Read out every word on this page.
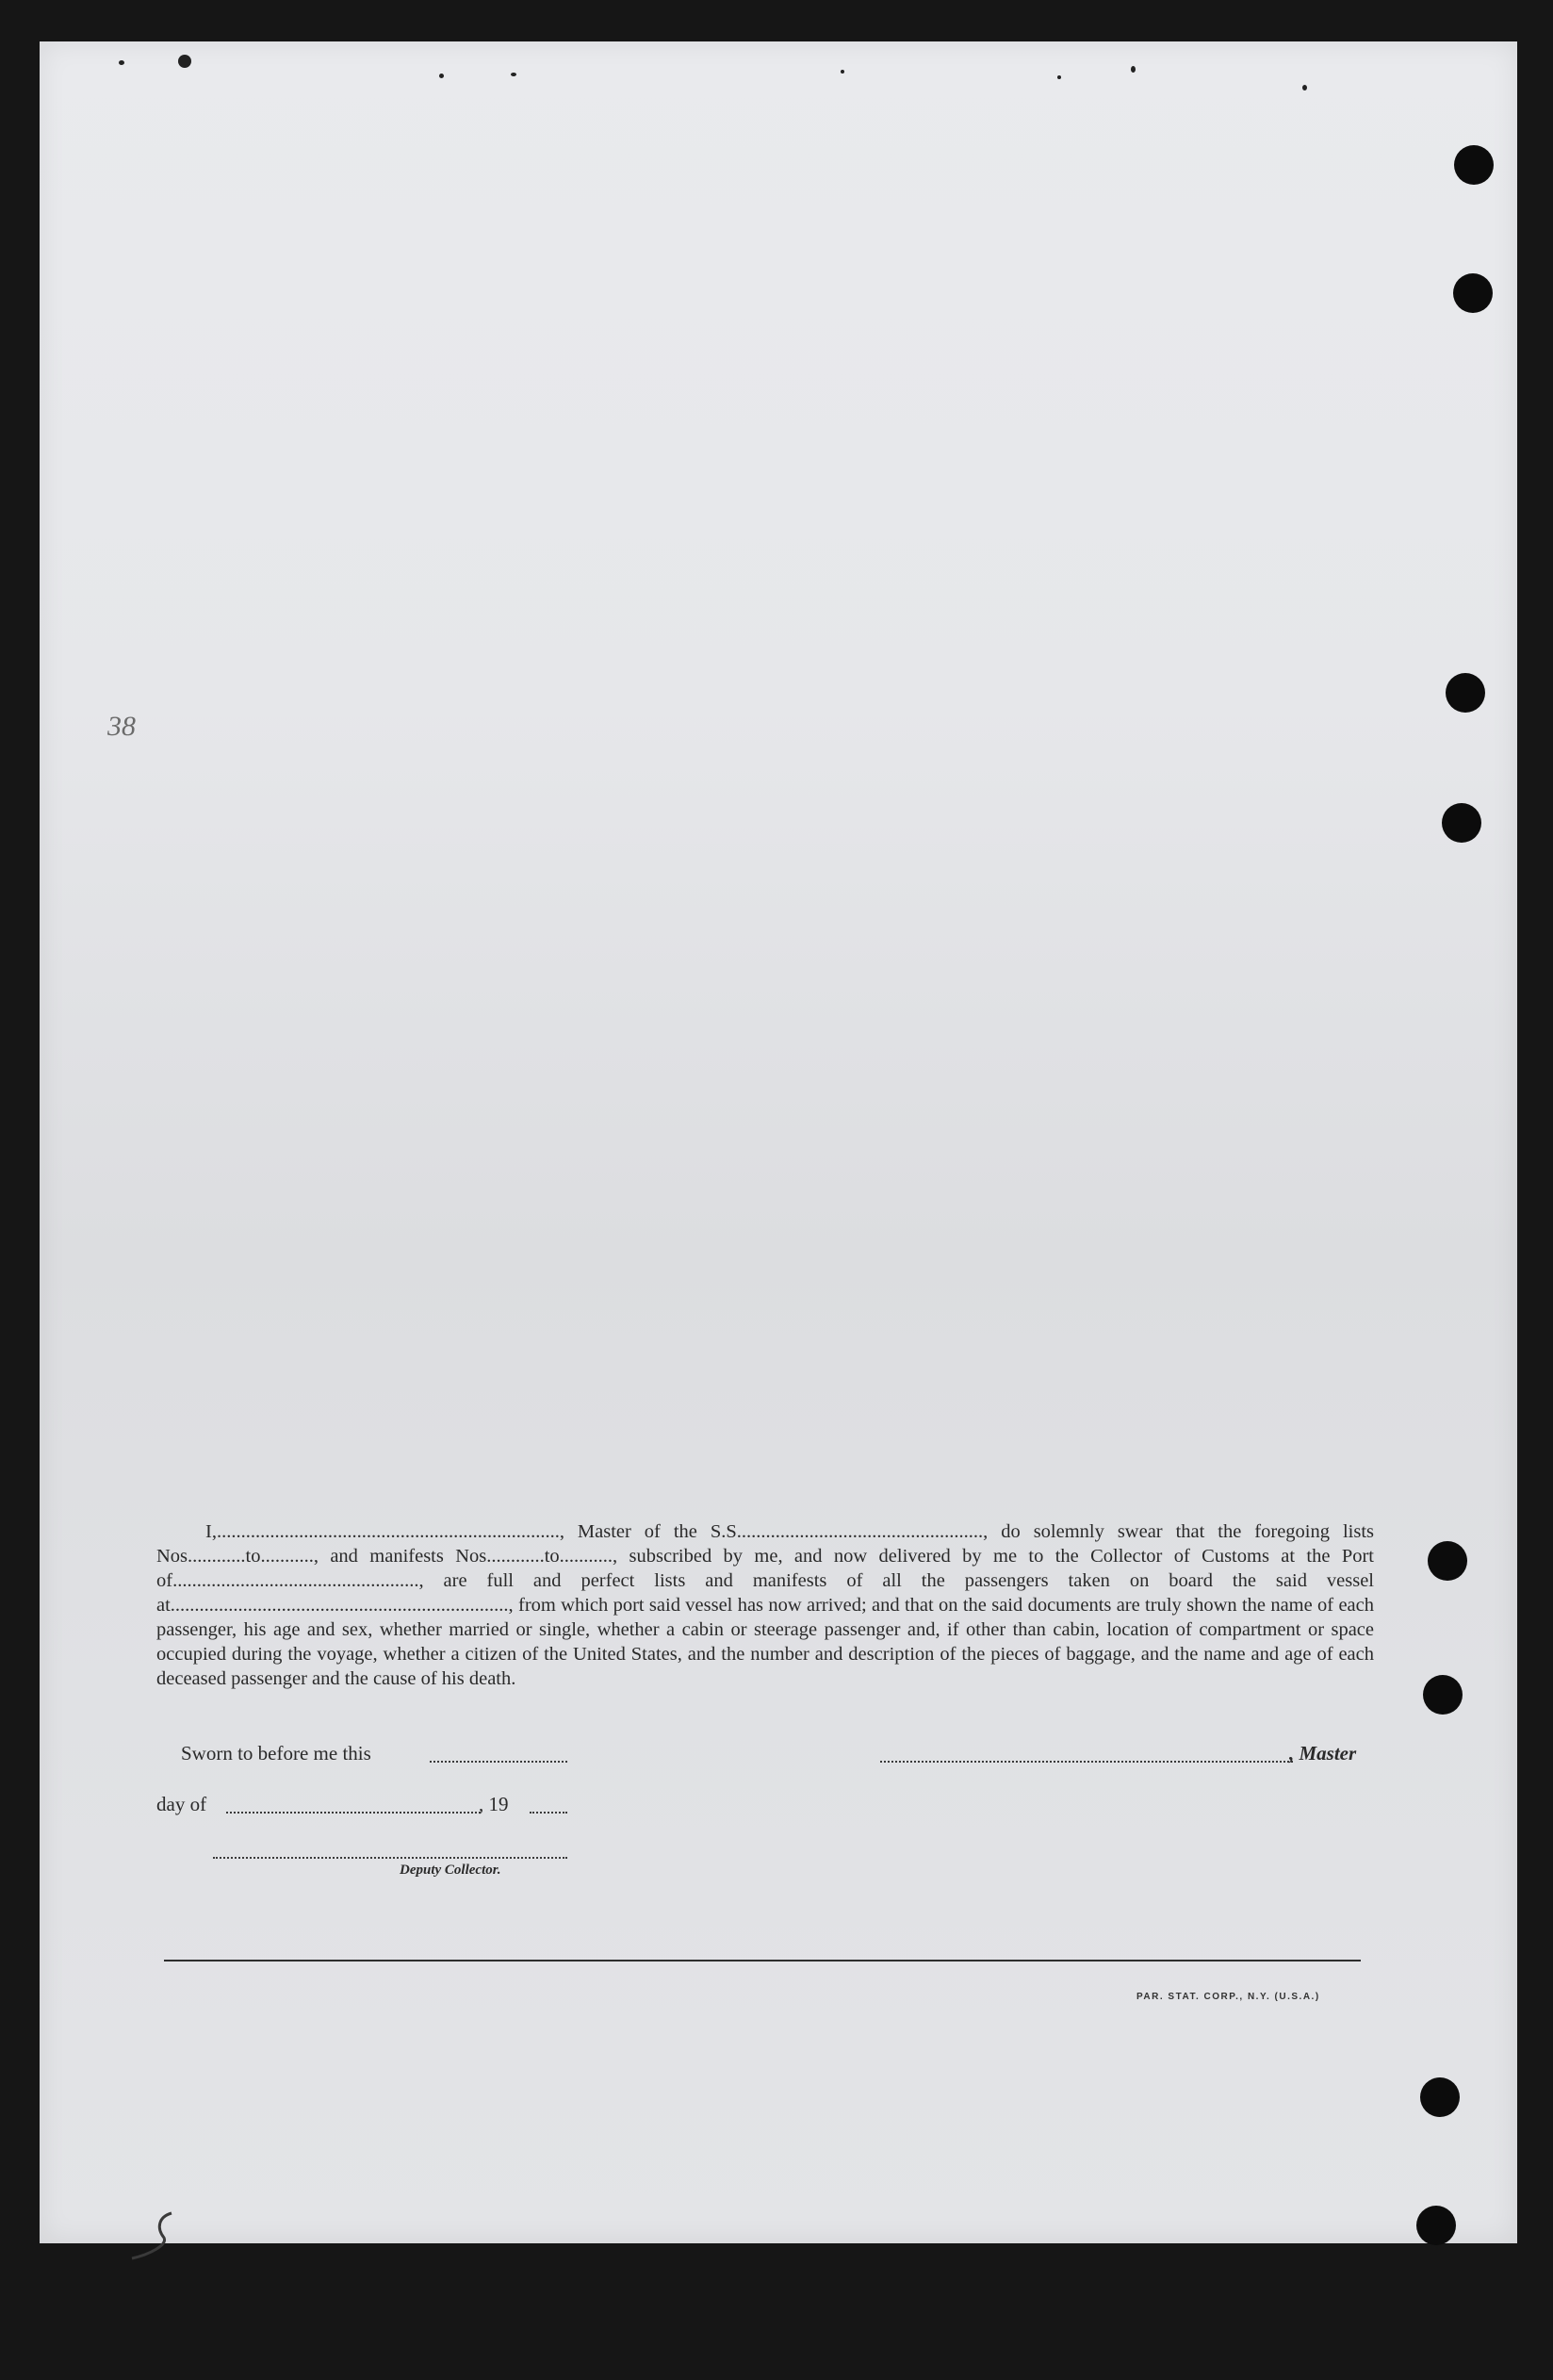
38

I,......................................................................., Master of the S.S..................................................., do solemnly swear that the foregoing lists Nos............to..........., and manifests Nos............to..........., subscribed by me, and now delivered by me to the Collector of Customs at the Port of..................................................., are full and perfect lists and manifests of all the passengers taken on board the said vessel at......................................................................, from which port said vessel has now arrived; and that on the said documents are truly shown the name of each passenger, his age and sex, whether married or single, whether a cabin or steerage passenger and, if other than cabin, location of compartment or space occupied during the voyage, whether a citizen of the United States, and the number and description of the pieces of baggage, and the name and age of each deceased passenger and the cause of his death.

Sworn to before me this	, Master
day of	, 19
Deputy Collector.
PAR. STAT. CORP., N.Y. (U.S.A.)
